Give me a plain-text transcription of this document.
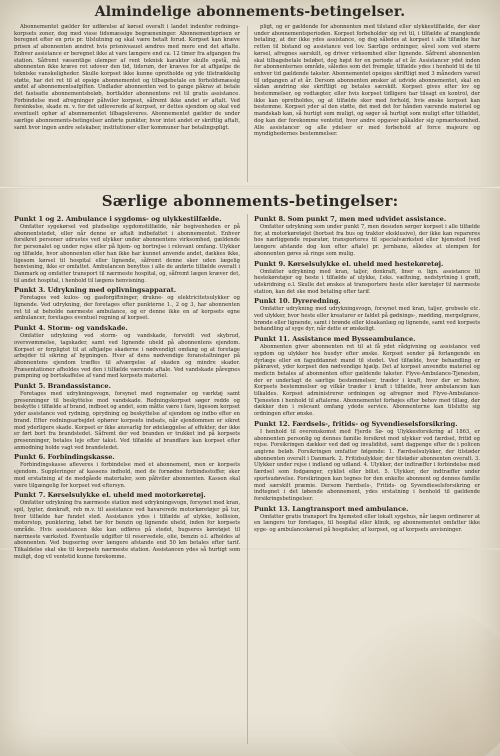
Almindelige abonnements-betingelser.

Abonnementet gælder for udførelse af kørsel overalt i landet indenfor rednings-korpsets zoner, dog med visse tidsmæssige begrænsninger. Abonnementsprisen er beregnet efter en pris pr. tilslutning og skal være betalt forud. Korpset kan kræve prisen af abonnenten ændret hvis prisniveauet ændres med mere end det aftalte. Enhver assistance er beregnet ikke at vare længere end ca. 12 timer fra afgangen fra station. Såfremt væsentlige ulemper af rent teknisk karakter skulle opstå, må abonnenten ikke kræve ret udover den tid, tidsrum, der kræves for at afhjælpe de tekniske vanskeligheder. Skulle korpset ikke kunne opretholde og yde tilstrækkelig støtte, har det ret til at opsige abonnementet og tilbagebetale en forholdsmæssig andel af abonnementsafgiften. Undlader abonnenten ved to gange påkrav at betale det fastsatte abonnementsbeløb, bortfalder abonnentens ret til gratis assistance. Forbindelse med afregninger påhviler korpset, såfremt ikke andet er aftalt. Ved forsinkelse, skade m. v. for det udleverede af korpset, er dettes ejendom og skal ved eventuelt ophør af abonnementet tilbageleveres. Abonnementet gælder de under særlige abonnements-betingelser anførte punkter, hvor intet andet er skriftlig aftalt, samt hvor ingen andre selskaber, institutioner eller kommuner har betalingspligt.

pligt, og er gældende for abonnenten med tilstand eller ulykkestilfælde, der sker under abonnementsperioden. Korpset forbeholder sig ret til, i tilfælde af manglende betaling, at der ikke ydes assistance, og dog således at korpset i alle tilfælde har retten til bistand og assistance ved lov. Særlige ordninger, såvel som ved større kørsel, afregnes særskilt, og driver virksomhed eller lignende. Såfremt abonnenten skal tilbagebetale beløbet, dog højst for en periode af et år. Assistancer ydet inden for abonnenternes område, således som det fremgår, tilfælde ydes i henhold til de til enhver tid gældende takster. Abonnementet opsiges skriftligt med 3 måneders varsel til udgangen af et år. Dersom abonnenten ønsker at udvide abonnementet, skal en sådan ændring ske skriftligt og betales særskilt. Korpset gives efter lov og bestemmelser, og vedtægter, eller hvis korpset tidligere har tilsagt en kontrol, der ikke kan opretholdes, og at tilfælde sker med forhold, hvis ønske korpset kan bestemme. Korpset yder al den støtte, det med det for hånden værende materiel og mandskab kan, så hurtigt som muligt, og søger så hurtigt som muligt efter tilfældet, dog kan der forekomme ventetid, hvor andre opgaver påkalder sig opmærksomhed. Alle assistancer og alle ydelser er med forbehold af force majeure og myndighedernes bestemmelser.

Særlige abonnements-betingelser:
Punkt 1 og 2. Ambulance i sygdoms- og ulykkestilfælde.

Omfatter sygekørsel ved pludselige sygdomstilfælde, når begivenheden er på abonnentstedet, eller når denne er aftalt indbefattet i abonnementet. Enhver forsikret personer udrustes ved ulykker under abonnentens virksomhed, gældende for personalet og under rejse eller på hjem- og bortrejse i relevant omfang. Ulykker og tilfælde, hvor abonnenten eller han ikke har kunnet anvende andet, dækkes ikke, ligesom kørsel til hospital eller lignende, såfremt denne sker uden lægelig henvisning, ikke er omfattet. Ambulancen benyttes i alle de anførte tilfælde overalt i Danmark og omfatter transport til nærmeste hospital, og, såfremt lægen kræver det, til andet hospital, i henhold til lægens henvisning.

Punkt 3. Udrykning med oplivningsapparat.

Foretages ved kulos- og gasforgiftninger, drukne- og elektricitetsulykker og lignende. Ved udrykning, der foretages efter punkterne 1., 2 og 3, har abonnenten ret til at beholde nærmeste ambulance, og er denne ikke en af korpsets egne ambulancer, foretages eventuel regning af korpset.

Punkt 4. Storm- og vandskade.

Omfatter udrykning ved storm- og vandskade, forvoldt ved skybrud, oversvømmelse, tagskader, samt ved lignende uheld på abonnentens ejendom. Korpset er forpligtet til at afhjælpe skaderne i nødvendigt omfang og at foretage arbejder til sikring af bygningen. Hver af dens nødvendige foranstaltninger på abonnentens ejendom træffes til afværgelse af skaden og mindre skader. Præsentationer afholdes ved den i tilfælde værende aftale. Ved vandskade påregnes pumpning og bortskaffelse af vand med korpsets materiel.

Punkt 5. Brandassistance.

Foretages med udrykningsvogn, forsynet med regnemaler og værktøj samt presenninger til beskyttelse mod vandskade. Redningskorpset søger redde og beskytte i tilfælde af brand, indboet og andet, som måtte være i fare, ligesom korpset yder assistance ved rydning, oprydning og beskyttelse af ejendom og indbo efter en brand. Efter redningsarbejdet ophører korpsets indsats, når ejendommen er sikret mod yderligere skade. Korpset er ikke ansvarlig for ødelæggelse af effekter, der ikke er ført bort fra brandstedet. Såfremt der ved branden er trukket ind på korpsets presenninger, betales leje efter takst. Ved tilfælde af brandfare kan korpset efter anmodning holde vagt ved brandstedet.

Punkt 6. Forbindingskasse.

Forbindingskasse afleveres i forbindelse med et abonnement, men er korpsets ejendom. Suppleringer af kassens indhold, med de fornødne forbindsstoffer, sker mod erstatning af de medgåede materialer, som påhviler abonnenten. Kassen skal være tilgængelig for korpset ved eftersyn.

Punkt 7. Kørselsulykke el. uheld med motorkøretøj.

Omfatter udrykning fra nærmeste station med udrykningsvogn, forsynet med kran, spil, lygter, donkraft, reb m.v. til assistance ved havarerede motorkøretøjer på tur, hvor tilfælde har fundet sted. Assistance ydes i tilfælde af ulykke, kollision, motorstop, punktering, løbet tør for benzin og lignende uheld, inden for korpsets område. Hvis assistancen ikke kan udføres på stedet, bugseres køretøjet til nærmeste værksted. Eventuelle udgifter til reservedele, olie, benzin o.l. afholdes af abonnenten. Ved bugsering over længere afstande end 50 km betales efter tarif. Tilkaldelse skal ske til korpsets nærmeste station. Assistancen ydes så hurtigt som muligt, dog vil ventetid kunne forekomme.

Punkt 8. Som punkt 7, men med udvidet assistance.

Omfatter udrykning som under punkt 7, men desuden sørger korpset i alle tilfælde for, at motorkøretøjet (bortset fra bus og traktor eksklusive), der ikke kan repareres hos nærliggende reparatør, transporteres til specialværksted eller hjemsted (ved længere afstande dog kun efter aftale) pr. jernbane, således at ulempen for abonnenten gøres så ringe som mulig.

Punkt 9. Kørselsulykke el. uheld med hestekøretøj.

Omfatter udrykning med kran, taljer, donkraft, liner o. lign. assistance til hestekøretøjer og heste i tilfælde af ulykke, f.eks. væltning, nedstyrtning i grøft, udskridning o.l. Skulle det ønskes at transportere heste eller køretøjer til nærmeste station, kan det ske mod betaling efter tarif.

Punkt 10. Dyreredning.

Omfatter udrykning med udrykningsvogn, forsynet med kran, taljer, grebsele etc. ved ulykker, hvor heste eller kreaturer er faldet på gødnings-, mødding, mergelgrave, brønde eller lignende, samt i brønde eller kloakanlæg og lignende, samt ved korpsets behandling af syge dyr, når dette er ønskeligt.

Punkt 11. Assistance med Bysseambulance.

Abonnenten giver abonnenten ret til at få ydet rådgivning og assistance ved sygdom og ulykker hos husdyr efter ønske. Korpset sender på forlangende en dyrlæge eller en faguddannet mand til stedet. Ved tilfælde, hvor behandling er påkrævet, yder korpset den nødvendige hjælp. Det af korpset anvendte materiel og medicin betales af abonnenten efter gældende takster. Flyve-Ambulance-Tjenesten, der er underlagt de særlige bestemmelser, træder i kraft, hvor der er behov. Korpsets bestemmelser og vilkår træder i kraft i tilfælde, hvor ambulancen kan tilkaldes. Korpset administrerer ordningen og afregner med Flyve-Ambulance-Tjenesten i henhold til aftalerne. Abonnementet forhøjes efter behov med tillæg, der dækker den i relevant omfang ydede service. Abonnenterne kan tilslutte sig ordningen efter ønske.

Punkt 12. Færdsels-, fritids- og Syvendieselsforsikring.

I henhold til overenskomst med Fjerde Sø- og Ulykkesforsikring af 1863, er abonnenten personlig og dennes familie forsikret mod ulykker ved færdsel, fritid og rejse. Forsikringen dækker ved død og invaliditet, samt dagpenge efter de i policen angivne beløb. Forsikringen omfatter følgende: 1. Færdselsulykker, der tilstøder abonnenten overalt i Danmark. 2. Fritidsulykker, der tilstøder abonnenten overalt. 3. Ulykker under rejse i indland og udland. 4. Ulykker, der indtræffer i forbindelse med færdsel som fodgænger, cyklist eller bilist. 5. Ulykker, der indtræffer under sportsudøvelse. Forsikringen kan tegnes for den enkelte abonnent og dennes familie mod særskilt præmie. Dersom Færdsels-, Fritids- og Syvendieselsforsikring er indtegnet i det løbende abonnement, ydes erstatning i henhold til gældende forsikringsbetingelser.

Punkt 13. Langtransport med ambulance.

Omfatter gratis transport fra hjemsted eller lokalt sygehus, når lægen ordinerer at en længere tur foretages, til hospital eller klinik, og abonnementet omfatter ikke syge- og ambulancekørsel på hospitaler, af korpset, og af korpsets anvisninger.
